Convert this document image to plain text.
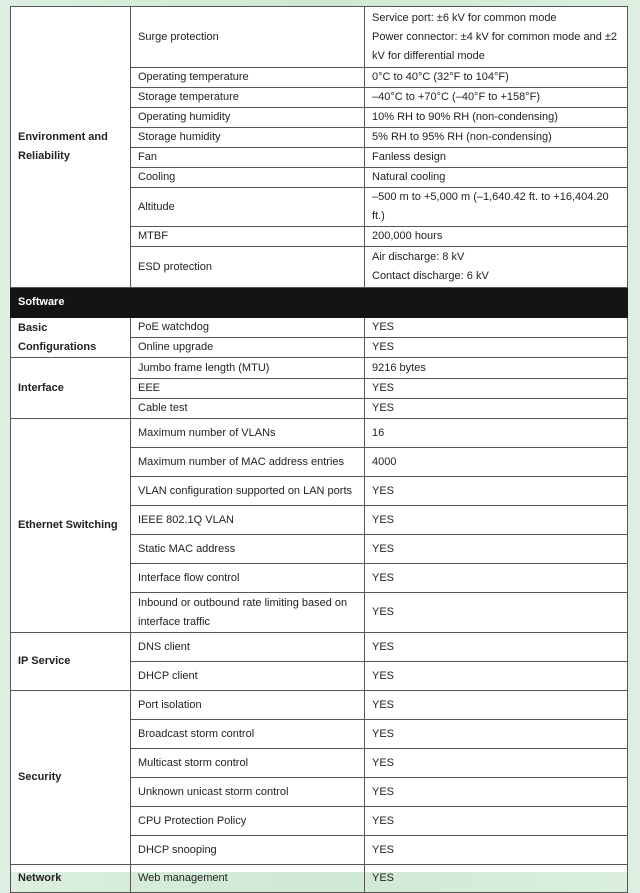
Environment and Reliability	Surge protection	Service port: ±6 kV for common mode
Power connector: ±4 kV for common mode and ±2 kV for differential mode

	Operating temperature	0°C to 40°C (32°F to 104°F)
	Storage temperature	–40°C to +70°C (–40°F to +158°F)
	Operating humidity	10% RH to 90% RH (non-condensing)
	Storage humidity	5% RH to 95% RH (non-condensing)
	Fan	Fanless design
	Cooling	Natural cooling
	Altitude	–500 m to +5,000 m (–1,640.42 ft. to +16,404.20 ft.)
	MTBF	200,000 hours
	ESD protection	Air discharge: 8 kV
Contact discharge: 6 kV

Software		
Basic Configurations	PoE watchdog	YES
	Online upgrade	YES
Interface	Jumbo frame length (MTU)	9216 bytes
	EEE	YES
	Cable test	YES
Ethernet Switching	Maximum number of VLANs	16
	Maximum number of MAC address entries	4000
	VLAN configuration supported on LAN ports	YES
	IEEE 802.1Q VLAN	YES
	Static MAC address	YES
	Interface flow control	YES
	Inbound or outbound rate limiting based on interface traffic	YES
IP Service	DNS client	YES
	DHCP client	YES
Security	Port isolation	YES
	Broadcast storm control	YES
	Multicast storm control	YES
	Unknown unicast storm control	YES
	CPU Protection Policy	YES
	DHCP snooping	YES
Network	Web management	YES
